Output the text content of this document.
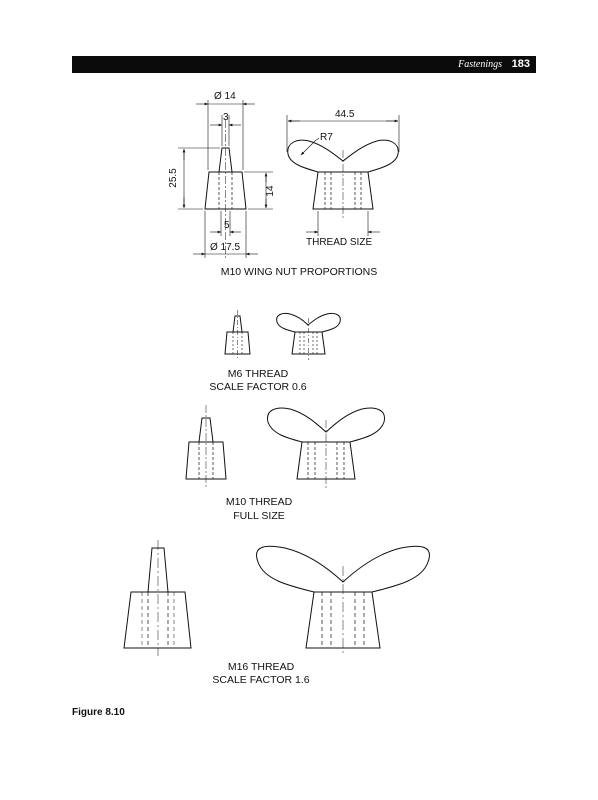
Fastenings 183
Ø 14
3
25.5
14
5
Ø 17.5
44.5
R7
THREAD SIZE
M10 WING NUT PROPORTIONS
M6 THREAD
SCALE FACTOR 0.6
M10 THREAD
FULL SIZE
M16 THREAD
SCALE FACTOR 1.6
Figure 8.10
